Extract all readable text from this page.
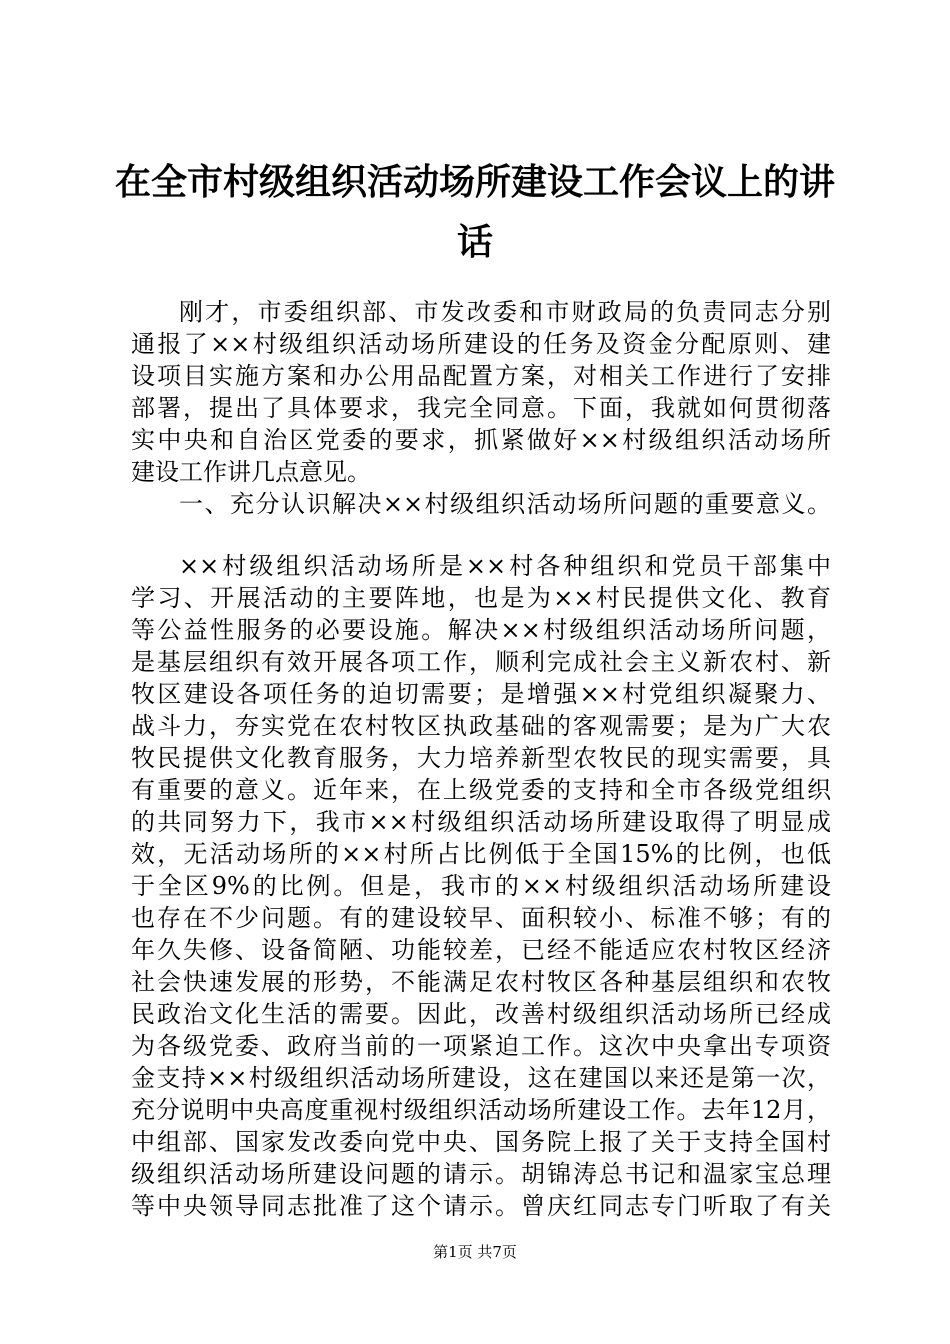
在全市村级组织活动场所建设工作会议上的讲
话
刚才，市委组织部、市发改委和市财政局的负责同志分别
通报了××村级组织活动场所建设的任务及资金分配原则、建
设项目实施方案和办公用品配置方案，对相关工作进行了安排
部署，提出了具体要求，我完全同意。下面，我就如何贯彻落
实中央和自治区党委的要求，抓紧做好××村级组织活动场所
建设工作讲几点意见。
一、充分认识解决××村级组织活动场所问题的重要意义。
××村级组织活动场所是××村各种组织和党员干部集中
学习、开展活动的主要阵地，也是为××村民提供文化、教育
等公益性服务的必要设施。解决××村级组织活动场所问题，
是基层组织有效开展各项工作，顺利完成社会主义新农村、新
牧区建设各项任务的迫切需要；是增强××村党组织凝聚力、
战斗力，夯实党在农村牧区执政基础的客观需要；是为广大农
牧民提供文化教育服务，大力培养新型农牧民的现实需要，具
有重要的意义。近年来，在上级党委的支持和全市各级党组织
的共同努力下，我市××村级组织活动场所建设取得了明显成
效，无活动场所的××村所占比例低于全国15%的比例，也低
于全区9%的比例。但是，我市的××村级组织活动场所建设
也存在不少问题。有的建设较早、面积较小、标准不够；有的
年久失修、设备简陋、功能较差，已经不能适应农村牧区经济
社会快速发展的形势，不能满足农村牧区各种基层组织和农牧
民政治文化生活的需要。因此，改善村级组织活动场所已经成
为各级党委、政府当前的一项紧迫工作。这次中央拿出专项资
金支持××村级组织活动场所建设，这在建国以来还是第一次，
充分说明中央高度重视村级组织活动场所建设工作。去年12月，
中组部、国家发改委向党中央、国务院上报了关于支持全国村
级组织活动场所建设问题的请示。胡锦涛总书记和温家宝总理
等中央领导同志批准了这个请示。曾庆红同志专门听取了有关
第1页 共7页
